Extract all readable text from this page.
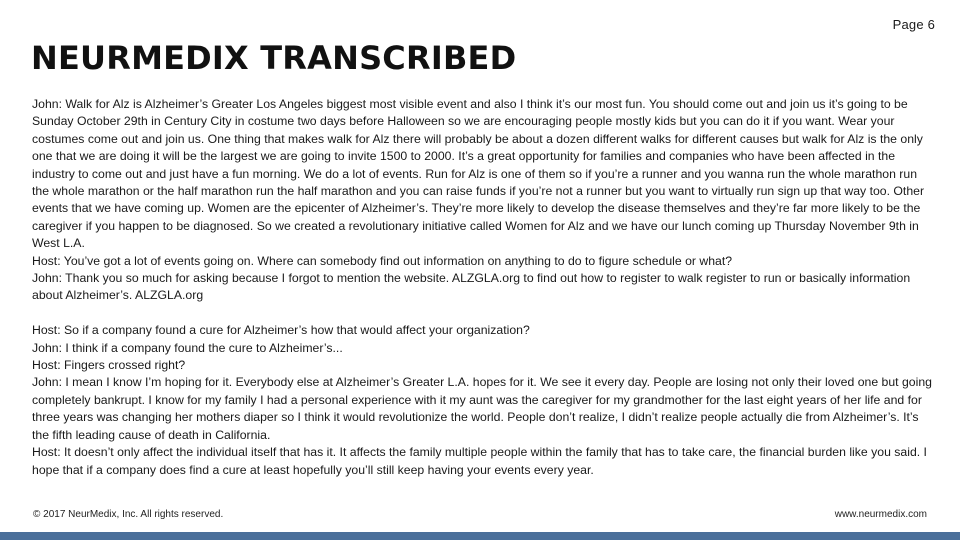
Page 6
NEURMEDIX TRANSCRIBED

John: Walk for Alz is Alzheimer’s Greater Los Angeles biggest most visible event and also I think it’s our most fun. You should come out and join us it’s going to be Sunday October 29th in Century City in costume two days before Halloween so we are encouraging people mostly kids but you can do it if you want. Wear your costumes come out and join us. One thing that makes walk for Alz there will probably be about a dozen different walks for different causes but walk for Alz is the only one that we are doing it will be the largest we are going to invite 1500 to 2000. It’s a great opportunity for families and companies who have been affected in the industry to come out and just have a fun morning. We do a lot of events. Run for Alz is one of them so if you’re a runner and you wanna run the whole marathon run the whole marathon or the half marathon run the half marathon and you can raise funds if you’re not a runner but you want to virtually run sign up that way too. Other events that we have coming up. Women are the epicenter of Alzheimer’s. They’re more likely to develop the disease themselves and they’re far more likely to be the caregiver if you happen to be diagnosed. So we created a revolutionary initiative called Women for Alz and we have our lunch coming up Thursday November 9th in West L.A.

Host: You’ve got a lot of events going on. Where can somebody find out information on anything to do to figure schedule or what?

John: Thank you so much for asking because I forgot to mention the website. ALZGLA.org to find out how to register to walk register to run or basically information about Alzheimer’s. ALZGLA.org

Host: So if a company found a cure for Alzheimer’s how that would affect your organization?

John: I think if a company found the cure to Alzheimer’s...

Host: Fingers crossed right?

John: I mean I know I’m hoping for it. Everybody else at Alzheimer’s Greater L.A. hopes for it. We see it every day. People are losing not only their loved one but going completely bankrupt. I know for my family I had a personal experience with it my aunt was the caregiver for my grandmother for the last eight years of her life and for three years was changing her mothers diaper so I think it would revolutionize the world. People don’t realize, I didn’t realize people actually die from Alzheimer’s. It’s the fifth leading cause of death in California.

Host: It doesn’t only affect the individual itself that has it. It affects the family multiple people within the family that has to take care, the financial burden like you said. I hope that if a company does find a cure at least hopefully you’ll still keep having your events every year.

© 2017 NeurMedix, Inc. All rights reserved.	www.neurmedix.com
